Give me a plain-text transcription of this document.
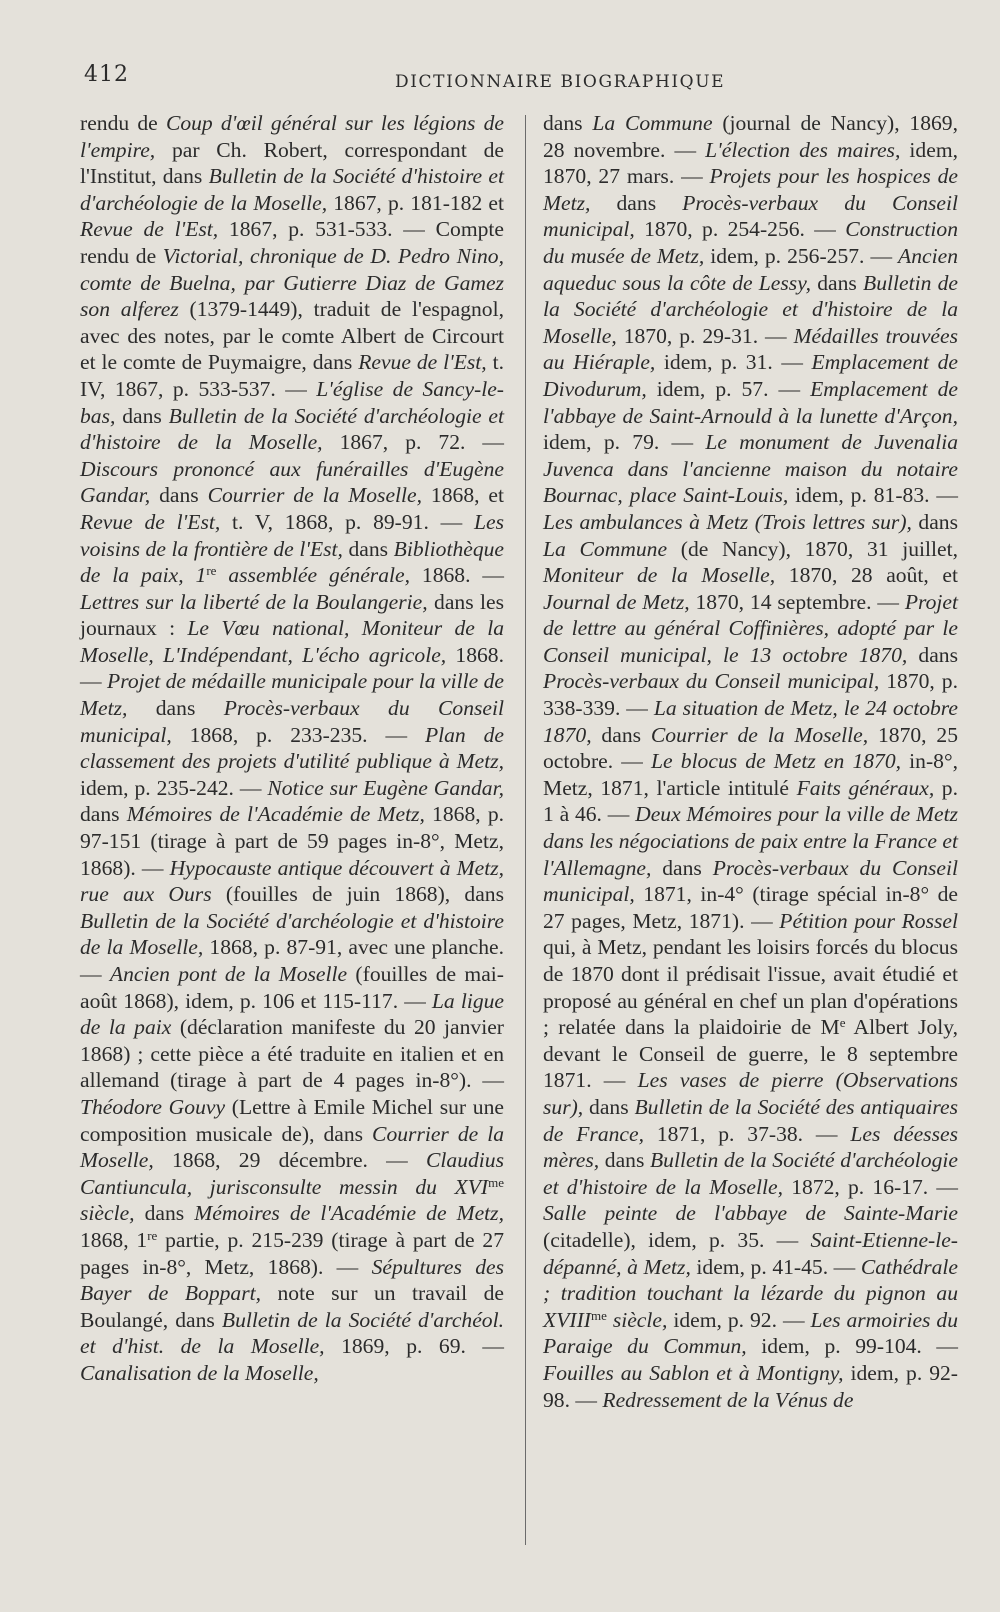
412	DICTIONNAIRE BIOGRAPHIQUE
rendu de Coup d'œil général sur les légions de l'empire, par Ch. Robert, correspondant de l'Institut, dans Bulletin de la Société d'histoire et d'archéologie de la Moselle, 1867, p. 181-182 et Revue de l'Est, 1867, p. 531-533. — Compte rendu de Victorial, chronique de D. Pedro Nino, comte de Buelna, par Gutierre Diaz de Gamez son alferez (1379-1449), traduit de l'espagnol, avec des notes, par le comte Albert de Circourt et le comte de Puymaigre, dans Revue de l'Est, t. IV, 1867, p. 533-537. — L'église de Sancy-le-bas, dans Bulletin de la Société d'archéologie et d'histoire de la Moselle, 1867, p. 72. — Discours prononcé aux funérailles d'Eugène Gandar, dans Courrier de la Moselle, 1868, et Revue de l'Est, t. V, 1868, p. 89-91. — Les voisins de la frontière de l'Est, dans Bibliothèque de la paix, 1re assemblée générale, 1868. — Lettres sur la liberté de la Boulangerie, dans les journaux : Le Vœu national, Moniteur de la Moselle, L'Indépendant, L'écho agricole, 1868. — Projet de médaille municipale pour la ville de Metz, dans Procès-verbaux du Conseil municipal, 1868, p. 233-235. — Plan de classement des projets d'utilité publique à Metz, idem, p. 235-242. — Notice sur Eugène Gandar, dans Mémoires de l'Académie de Metz, 1868, p. 97-151 (tirage à part de 59 pages in-8°, Metz, 1868). — Hypocauste antique découvert à Metz, rue aux Ours (fouilles de juin 1868), dans Bulletin de la Société d'archéologie et d'histoire de la Moselle, 1868, p. 87-91, avec une planche. — Ancien pont de la Moselle (fouilles de mai-août 1868), idem, p. 106 et 115-117. — La ligue de la paix (déclaration manifeste du 20 janvier 1868) ; cette pièce a été traduite en italien et en allemand (tirage à part de 4 pages in-8°). — Théodore Gouvy (Lettre à Emile Michel sur une composition musicale de), dans Courrier de la Moselle, 1868, 29 décembre. — Claudius Cantiuncula, jurisconsulte messin du $XVI^{me}$ siècle, dans Mémoires de l'Académie de Metz, 1868, 1re partie, p. 215-239 (tirage à part de 27 pages in-8°, Metz, 1868). — Sépultures des Bayer de Boppart, note sur un travail de Boulangé, dans Bulletin de la Société d'archéol. et d'hist. de la Moselle, 1869, p. 69. — Canalisation de la Moselle,
dans La Commune (journal de Nancy), 1869, 28 novembre. — L'élection des maires, idem, 1870, 27 mars. — Projets pour les hospices de Metz, dans Procès-verbaux du Conseil municipal, 1870, p. 254-256. — Construction du musée de Metz, idem, p. 256-257. — Ancien aqueduc sous la côte de Lessy, dans Bulletin de la Société d'archéologie et d'histoire de la Moselle, 1870, p. 29-31. — Médailles trouvées au Hiéraple, idem, p. 31. — Emplacement de Divodurum, idem, p. 57. — Emplacement de l'abbaye de Saint-Arnould à la lunette d'Arçon, idem, p. 79. — Le monument de Juvenalia Juvenca dans l'ancienne maison du notaire Bournac, place Saint-Louis, idem, p. 81-83. — Les ambulances à Metz (Trois lettres sur), dans La Commune (de Nancy), 1870, 31 juillet, Moniteur de la Moselle, 1870, 28 août, et Journal de Metz, 1870, 14 septembre. — Projet de lettre au général Coffinières, adopté par le Conseil municipal, le 13 octobre 1870, dans Procès-verbaux du Conseil municipal, 1870, p. 338-339. — La situation de Metz, le 24 octobre 1870, dans Courrier de la Moselle, 1870, 25 octobre. — Le blocus de Metz en 1870, in-8°, Metz, 1871, l'article intitulé Faits généraux, p. 1 à 46. — Deux Mémoires pour la ville de Metz dans les négociations de paix entre la France et l'Allemagne, dans Procès-verbaux du Conseil municipal, 1871, in-4° (tirage spécial in-8° de 27 pages, Metz, 1871). — Pétition pour Rossel qui, à Metz, pendant les loisirs forcés du blocus de 1870 dont il prédisait l'issue, avait étudié et proposé au général en chef un plan d'opérations ; relatée dans la plaidoirie de Me Albert Joly, devant le Conseil de guerre, le 8 septembre 1871. — Les vases de pierre (Observations sur), dans Bulletin de la Société des antiquaires de France, 1871, p. 37-38. — Les déesses mères, dans Bulletin de la Société d'archéologie et d'histoire de la Moselle, 1872, p. 16-17. — Salle peinte de l'abbaye de Sainte-Marie (citadelle), idem, p. 35. — Saint-Etienne-le-dépanné, à Metz, idem, p. 41-45. — Cathédrale ; tradition touchant la lézarde du pignon au $XVIII^{me}$ siècle, idem, p. 92. — Les armoiries du Paraige du Commun, idem, p. 99-104. — Fouilles au Sablon et à Montigny, idem, p. 92-98. — Redressement de la Vénus de
